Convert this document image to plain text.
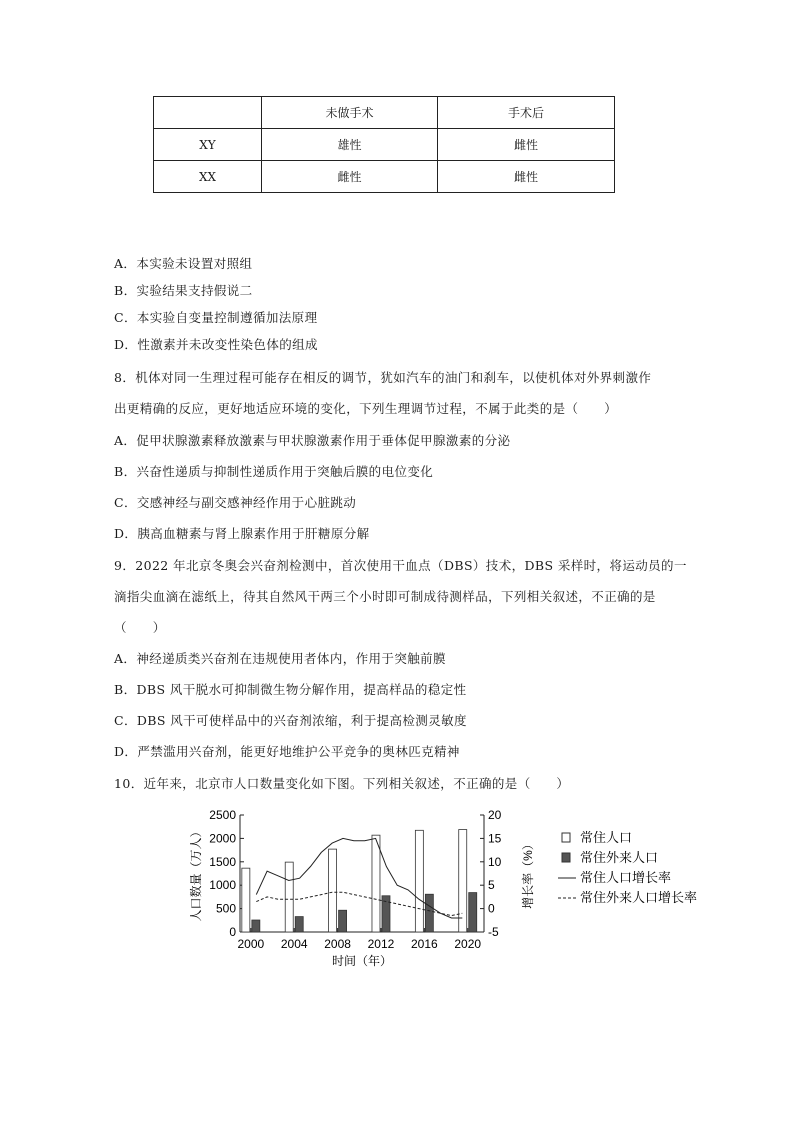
	未做手术	手术后
XY	雄性	雌性
XX	雌性	雌性
A．本实验未设置对照组
B．实验结果支持假说二
C．本实验自变量控制遵循加法原理
D．性激素并未改变性染色体的组成
8．机体对同一生理过程可能存在相反的调节，犹如汽车的油门和刹车，以使机体对外界刺激作
出更精确的反应，更好地适应环境的变化，下列生理调节过程，不属于此类的是（　　）
A．促甲状腺激素释放激素与甲状腺激素作用于垂体促甲腺激素的分泌
B．兴奋性递质与抑制性递质作用于突触后膜的电位变化
C．交感神经与副交感神经作用于心脏跳动
D．胰高血糖素与肾上腺素作用于肝糖原分解
9．2022 年北京冬奥会兴奋剂检测中，首次使用干血点（DBS）技术，DBS 采样时，将运动员的一
滴指尖血滴在滤纸上，待其自然风干两三个小时即可制成待测样品，下列相关叙述，不正确的是
（　　）
A．神经递质类兴奋剂在违规使用者体内，作用于突触前膜
B．DBS 风干脱水可抑制微生物分解作用，提高样品的稳定性
C．DBS 风干可使样品中的兴奋剂浓缩，利于提高检测灵敏度
D．严禁滥用兴奋剂，能更好地维护公平竞争的奥林匹克精神
10．近年来，北京市人口数量变化如下图。下列相关叙述，不正确的是（　　）
0
500
1000
1500
2000
2500
-5
0
5
10
15
20
2000 2004 2008 2012 2016 2020
时间（年）
人口数量（万人）	增长率（%）
常住人口
常住外来人口
常住人口增长率
常住外来人口增长率
